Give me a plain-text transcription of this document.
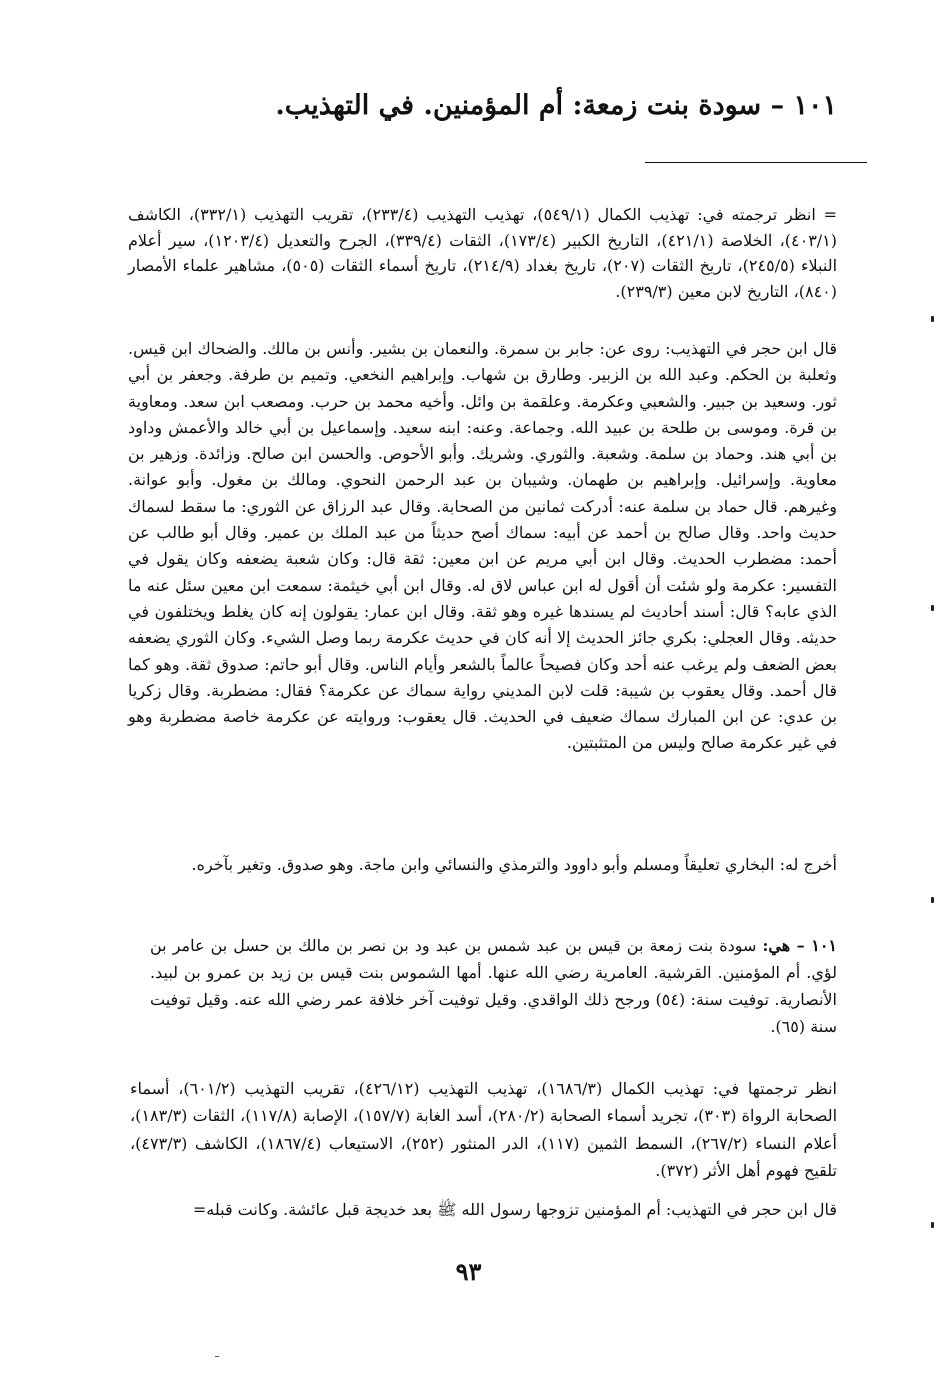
١٠١ – سودة بنت زمعة: أم المؤمنين. في التهذيب.
= انظر ترجمته في: تهذيب الكمال (٥٤٩/١)، تهذيب التهذيب (٢٣٣/٤)، تقريب التهذيب (٣٣٢/١)، الكاشف (٤٠٣/١)، الخلاصة (٤٢١/١)، التاريخ الكبير (١٧٣/٤)، الثقات (٣٣٩/٤)، الجرح والتعديل (١٢٠٣/٤)، سير أعلام النبلاء (٢٤٥/٥)، تاريخ الثقات (٢٠٧)، تاريخ بغداد (٢١٤/٩)، تاريخ أسماء الثقات (٥٠٥)، مشاهير علماء الأمصار (٨٤٠)، التاريخ لابن معين (٢٣٩/٣).
قال ابن حجر في التهذيب: روى عن: جابر بن سمرة. والنعمان بن بشير. وأنس بن مالك. والضحاك ابن قيس. وثعلبة بن الحكم. وعبد الله بن الزبير. وطارق بن شهاب. وإبراهيم النخعي. وتميم بن طرفة. وجعفر بن أبي ثور. وسعيد بن جبير. والشعبي وعكرمة. وعلقمة بن وائل. وأخيه محمد بن حرب. ومصعب ابن سعد. ومعاوية بن قرة. وموسى بن طلحة بن عبيد الله. وجماعة. وعنه: ابنه سعيد. وإسماعيل بن أبي خالد والأعمش وداود بن أبي هند. وحماد بن سلمة. وشعبة. والثوري. وشريك. وأبو الأحوص. والحسن ابن صالح. وزائدة. وزهير بن معاوية. وإسرائيل. وإبراهيم بن طهمان. وشيبان بن عبد الرحمن النحوي. ومالك بن مغول. وأبو عوانة. وغيرهم. قال حماد بن سلمة عنه: أدركت ثمانين من الصحابة. وقال عبد الرزاق عن الثوري: ما سقط لسماك حديث واحد. وقال صالح بن أحمد عن أبيه: سماك أصح حديثاً من عبد الملك بن عمير. وقال أبو طالب عن أحمد: مضطرب الحديث. وقال ابن أبي مريم عن ابن معين: ثقة قال: وكان شعبة يضعفه وكان يقول في التفسير: عكرمة ولو شئت أن أقول له ابن عباس لاق له. وقال ابن أبي خيثمة: سمعت ابن معين سئل عنه ما الذي عابه؟ قال: أسند أحاديث لم يسندها غيره وهو ثقة. وقال ابن عمار: يقولون إنه كان يغلط ويختلفون في حديثه. وقال العجلي: بكري جائز الحديث إلا أنه كان في حديث عكرمة ربما وصل الشيء. وكان الثوري يضعفه بعض الضعف ولم يرغب عنه أحد وكان فصيحاً عالماً بالشعر وأيام الناس. وقال أبو حاتم: صدوق ثقة. وهو كما قال أحمد. وقال يعقوب بن شيبة: قلت لابن المديني رواية سماك عن عكرمة؟ فقال: مضطربة. وقال زكريا بن عدي: عن ابن المبارك سماك ضعيف في الحديث. قال يعقوب: وروايته عن عكرمة خاصة مضطربة وهو في غير عكرمة صالح وليس من المتثبتين.
أخرج له: البخاري تعليقاً ومسلم وأبو داوود والترمذي والنسائي وابن ماجة. وهو صدوق. وتغير بآخره.
١٠١ – هي: سودة بنت زمعة بن قيس بن عبد شمس بن عبد ود بن نصر بن مالك بن حسل بن عامر بن لؤي. أم المؤمنين. القرشية. العامرية رضي الله عنها. أمها الشموس بنت قيس بن زيد بن عمرو بن لبيد. الأنصارية. توفيت سنة: (٥٤) ورجح ذلك الواقدي. وقيل توفيت آخر خلافة عمر رضي الله عنه. وقيل توفيت سنة (٦٥).
انظر ترجمتها في: تهذيب الكمال (١٦٨٦/٣)، تهذيب التهذيب (٤٢٦/١٢)، تقريب التهذيب (٦٠١/٢)، أسماء الصحابة الرواة (٣٠٣)، تجريد أسماء الصحابة (٢٨٠/٢)، أسد الغابة (١٥٧/٧)، الإصابة (١١٧/٨)، الثقات (١٨٣/٣)، أعلام النساء (٢٦٧/٢)، السمط الثمين (١١٧)، الدر المنثور (٢٥٢)، الاستيعاب (١٨٦٧/٤)، الكاشف (٤٧٣/٣)، تلقيح فهوم أهل الأثر (٣٧٢).
قال ابن حجر في التهذيب: أم المؤمنين تزوجها رسول الله ﷺ بعد خديجة قبل عائشة. وكانت قبله=
٩٣
